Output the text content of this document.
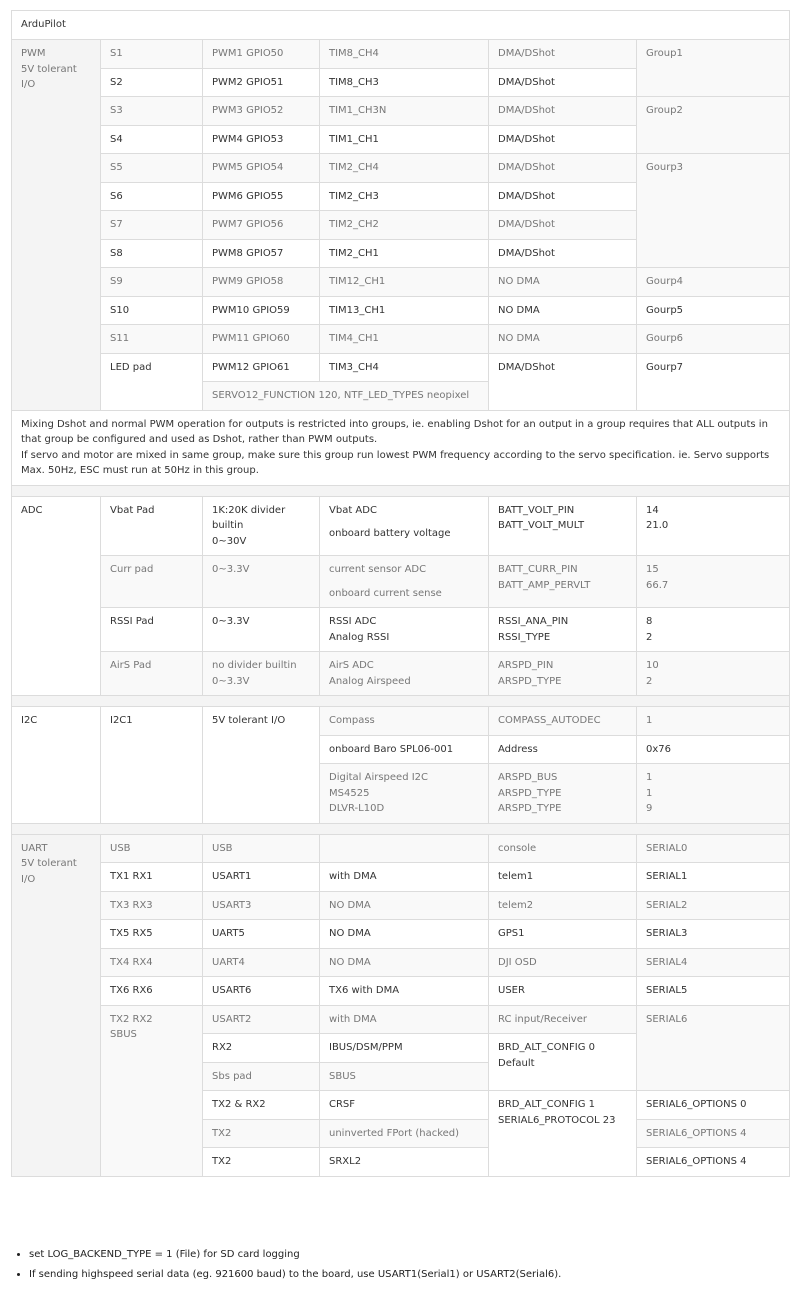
ArduPilot					

PWM
5V tolerant I/O	S1	PWM1 GPIO50	TIM8_CH4	DMA/DShot	Group1
	S2	PWM2 GPIO51	TIM8_CH3	DMA/DShot	
	S3	PWM3 GPIO52	TIM1_CH3N	DMA/DShot	Group2
	S4	PWM4 GPIO53	TIM1_CH1	DMA/DShot	
	S5	PWM5 GPIO54	TIM2_CH4	DMA/DShot	Gourp3
	S6	PWM6 GPIO55	TIM2_CH3	DMA/DShot	
	S7	PWM7 GPIO56	TIM2_CH2	DMA/DShot	
	S8	PWM8 GPIO57	TIM2_CH1	DMA/DShot	
	S9	PWM9 GPIO58	TIM12_CH1	NO DMA	Gourp4
	S10	PWM10 GPIO59	TIM13_CH1	NO DMA	Gourp5
	S11	PWM11 GPIO60	TIM4_CH1	NO DMA	Gourp6
	LED pad	PWM12 GPIO61	TIM3_CH4	DMA/DShot	Gourp7
		SERVO12_FUNCTION 120, NTF_LED_TYPES neopixel			

Mixing Dshot and normal PWM operation for outputs is restricted into groups, ie. enabling Dshot for an output in a group requires that ALL outputs in that group be configured and used as Dshot, rather than PWM outputs.
If servo and motor are mixed in same group, make sure this group run lowest PWM frequency according to the servo specification. ie. Servo supports Max. 50Hz, ESC must run at 50Hz in this group.					

ADC	Vbat Pad	1K:20K divider builtin
0~30V	Vbat ADC
onboard battery voltage	BATT_VOLT_PIN
BATT_VOLT_MULT	14
21.0

	Curr pad	0~3.3V	current sensor ADC
onboard current sense	BATT_CURR_PIN
BATT_AMP_PERVLT	15
66.7

	RSSI Pad	0~3.3V	RSSI ADC
Analog RSSI	RSSI_ANA_PIN
RSSI_TYPE	8
2

	AirS Pad	no divider builtin
0~3.3V	AirS ADC
Analog Airspeed	ARSPD_PIN
ARSPD_TYPE	10
2

I2C	I2C1	5V tolerant I/O	Compass	COMPASS_AUTODEC	1
			onboard Baro SPL06-001	Address	0x76

			Digital Airspeed I2C
MS4525
DLVR-L10D	ARSPD_BUS
ARSPD_TYPE
ARSPD_TYPE	1
1
9

UART
5V tolerant I/O	USB	USB		console	SERIAL0
	TX1 RX1	USART1	with DMA	telem1	SERIAL1
	TX3 RX3	USART3	NO DMA	telem2	SERIAL2
	TX5 RX5	UART5	NO DMA	GPS1	SERIAL3
	TX4 RX4	UART4	NO DMA	DJI OSD	SERIAL4
	TX6 RX6	USART6	TX6 with DMA	USER	SERIAL5

	TX2 RX2
SBUS	USART2	with DMA	RC input/Receiver	SERIAL6
		RX2	IBUS/DSM/PPM	BRD_ALT_CONFIG 0
Default	

		Sbs pad	SBUS		
		TX2 & RX2	CRSF	BRD_ALT_CONFIG 1
SERIAL6_PROTOCOL 23	SERIAL6_OPTIONS 0
		TX2	uninverted FPort (hacked)		SERIAL6_OPTIONS 4
		TX2	SRXL2		SERIAL6_OPTIONS 4
• set LOG_BACKEND_TYPE = 1 (File) for SD card logging
• If sending highspeed serial data (eg. 921600 baud) to the board, use USART1(Serial1) or USART2(Serial6).
